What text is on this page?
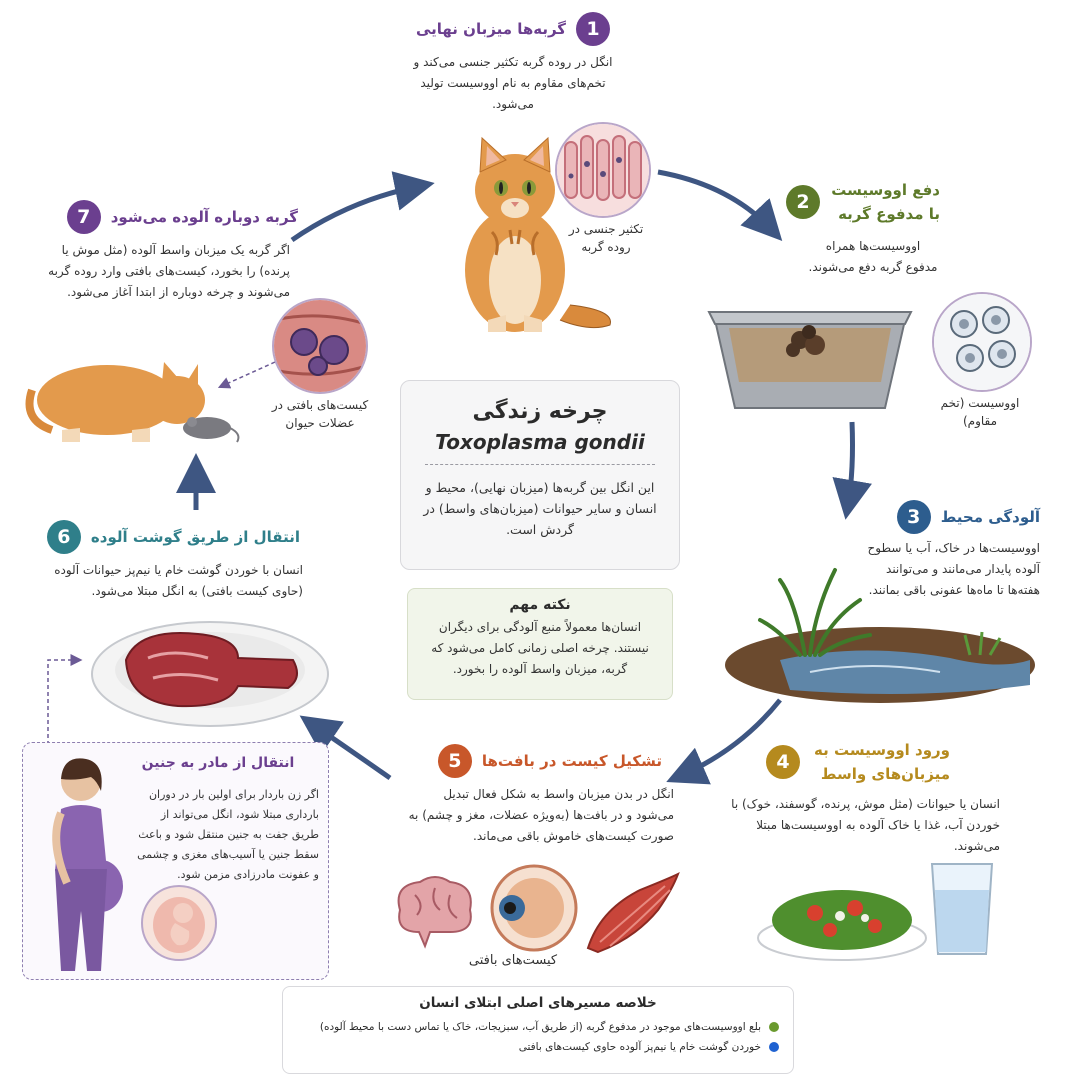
1
گربه‌ها میزبان نهایی
انگل در روده گربه تکثیر جنسی می‌کند و تخم‌های مقاوم به نام اووسیست تولید می‌شود.
تکثیر جنسی در روده گربه
دفع اووسیست با مدفوع گربه
2
اووسیست‌ها همراه مدفوع گربه دفع می‌شوند.
اووسیست (تخم مقاوم)
آلودگی محیط
3
اووسیست‌ها در خاک، آب یا سطوح آلوده پایدار می‌مانند و می‌توانند هفته‌ها تا ماه‌ها عفونی باقی بمانند.
ورود اووسیست به میزبان‌های واسط
4
انسان یا حیوانات (مثل موش، پرنده، گوسفند، خوک) با خوردن آب، غذا یا خاک آلوده به اووسیست‌ها مبتلا می‌شوند.
تشکیل کیست در بافت‌ها
5
انگل در بدن میزبان واسط به شکل فعال تبدیل می‌شود و در بافت‌ها (به‌ویژه عضلات، مغز و چشم) به صورت کیست‌های خاموش باقی می‌ماند.
کیست‌های بافتی
انتقال از طریق گوشت آلوده
6
انسان با خوردن گوشت خام یا نیم‌پز حیوانات آلوده (حاوی کیست بافتی) به انگل مبتلا می‌شود.
گربه دوباره آلوده می‌شود
7
اگر گربه یک میزبان واسط آلوده (مثل موش یا پرنده) را بخورد، کیست‌های بافتی وارد روده گربه می‌شوند و چرخه دوباره از ابتدا آغاز می‌شود.
کیست‌های بافتی در عضلات حیوان	چرخه زندگی
Toxoplasma gondii
این انگل بین گربه‌ها (میزبان نهایی)، محیط و انسان و سایر حیوانات (میزبان‌های واسط) در گردش است.
نکته مهم
انسان‌ها معمولاً منبع آلودگی برای دیگران نیستند. چرخه اصلی زمانی کامل می‌شود که گربه، میزبان واسط آلوده را بخورد.
انتقال از مادر به جنین
اگر زن باردار برای اولین بار در دوران بارداری مبتلا شود، انگل می‌تواند از طریق جفت به جنین منتقل شود و باعث سقط جنین یا آسیب‌های مغزی و چشمی و عفونت مادرزادی مزمن شود.
خلاصه مسیرهای اصلی ابتلای انسان
بلع اووسیست‌های موجود در مدفوع گربه (از طریق آب، سبزیجات، خاک یا تماس دست با محیط آلوده)
خوردن گوشت خام یا نیم‌پز آلوده حاوی کیست‌های بافتی
